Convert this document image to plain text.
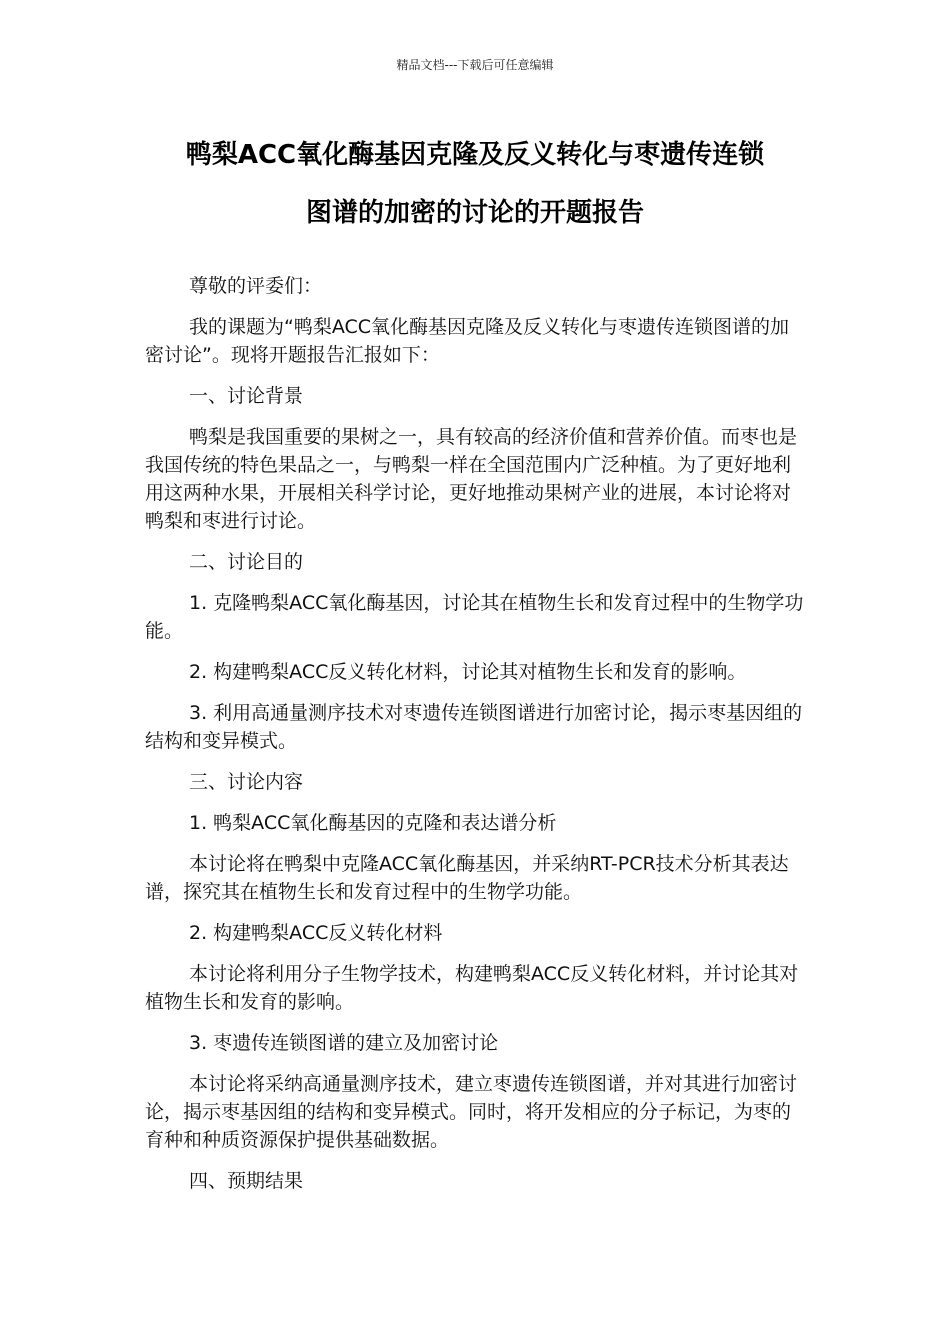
精品文档---下载后可任意编辑
鸭梨ACC氧化酶基因克隆及反义转化与枣遗传连锁
图谱的加密的讨论的开题报告

尊敬的评委们：

我的课题为“鸭梨ACC氧化酶基因克隆及反义转化与枣遗传连锁图谱的加密讨论”。现将开题报告汇报如下：

一、讨论背景

鸭梨是我国重要的果树之一，具有较高的经济价值和营养价值。而枣也是我国传统的特色果品之一，与鸭梨一样在全国范围内广泛种植。为了更好地利用这两种水果，开展相关科学讨论，更好地推动果树产业的进展，本讨论将对鸭梨和枣进行讨论。

二、讨论目的

1. 克隆鸭梨ACC氧化酶基因，讨论其在植物生长和发育过程中的生物学功能。

2. 构建鸭梨ACC反义转化材料，讨论其对植物生长和发育的影响。

3. 利用高通量测序技术对枣遗传连锁图谱进行加密讨论，揭示枣基因组的结构和变异模式。

三、讨论内容

1. 鸭梨ACC氧化酶基因的克隆和表达谱分析

本讨论将在鸭梨中克隆ACC氧化酶基因，并采纳RT-PCR技术分析其表达谱，探究其在植物生长和发育过程中的生物学功能。

2. 构建鸭梨ACC反义转化材料

本讨论将利用分子生物学技术，构建鸭梨ACC反义转化材料，并讨论其对植物生长和发育的影响。

3. 枣遗传连锁图谱的建立及加密讨论

本讨论将采纳高通量测序技术，建立枣遗传连锁图谱，并对其进行加密讨论，揭示枣基因组的结构和变异模式。同时，将开发相应的分子标记，为枣的育种和种质资源保护提供基础数据。

四、预期结果
